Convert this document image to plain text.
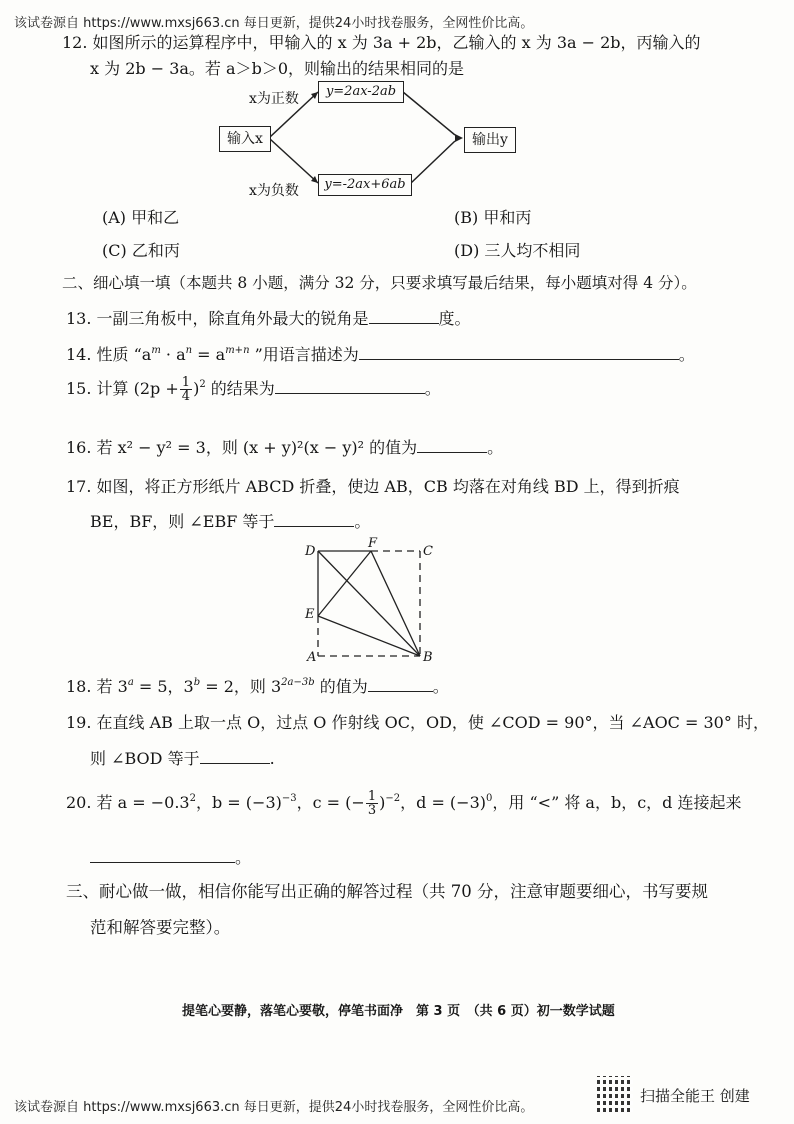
该试卷源自 https://www.mxsj663.cn 每日更新，提供24小时找卷服务，全网性价比高。
12. 如图所示的运算程序中，甲输入的 x 为 3a + 2b，乙输入的 x 为 3a − 2b，丙输入的
x 为 2b − 3a。若 a＞b＞0，则输出的结果相同的是
x为正数
x为负数
输入x
y=2ax-2ab
y=-2ax+6ab
输出y
(A) 甲和乙	(B) 甲和丙
(C) 乙和丙	(D) 三人均不相同
二、细心填一填（本题共 8 小题，满分 32 分，只要求填写最后结果，每小题填对得 4 分）。
13. 一副三角板中，除直角外最大的锐角是	度。
14. 性质 “$a^m \cdot a^n = a^{m+n}$ ”用语言描述为	。
15. 计算 $(2p + \frac{1}{4} )^2$ 的结果为	。
16. 若 x² − y² = 3，则 (x + y)²(x − y)² 的值为	。
17. 如图，将正方形纸片 ABCD 折叠，使边 AB，CB 均落在对角线 BD 上，得到折痕
BE，BF，则 ∠EBF 等于	。
D
F
C
E
A	B
18. 若 $3^a = 5$，$3^b = 2$，则 $3^{2a-3b}$ 的值为	。
19. 在直线 AB 上取一点 O，过点 O 作射线 OC，OD，使 ∠COD = 90°，当 ∠AOC = 30° 时，
则 ∠BOD 等于	.
20. 若 $a = -0.3^2$，$b = (-3)^{-3}$，c = (− $\frac{1}{3} )^{-2}$，$d = (-3)^0$，用 “<” 将 a，b，c，d 连接起来
。
三、耐心做一做，相信你能写出正确的解答过程（共 70 分，注意审题要细心，书写要规
范和解答要完整）。
提笔心要静，落笔心要敬，停笔书面净　第 3 页　（共 6 页）初一数学试题
该试卷源自 https://www.mxsj663.cn 每日更新，提供24小时找卷服务，全网性价比高。
扫描全能王 创建
